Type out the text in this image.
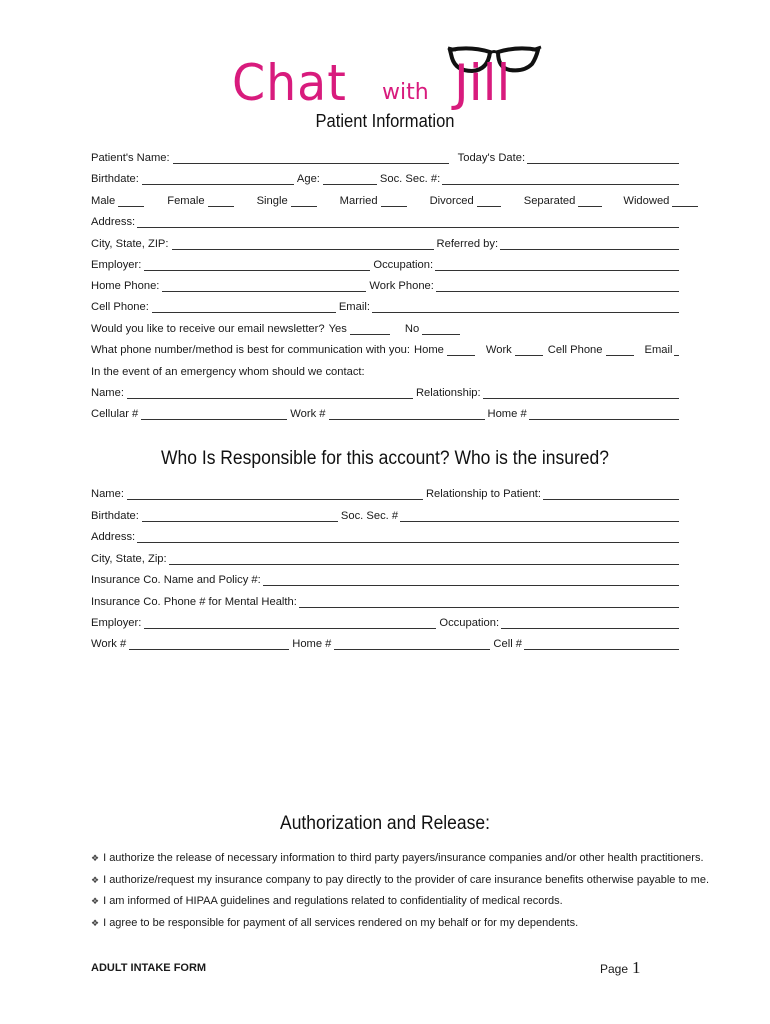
Chat with Jill
Patient Information
Patient's Name:	Today's Date:
Birthdate:	Age:	Soc. Sec. #:
Male	Female	Single	Married	Divorced	Separated	Widowed
Address:
City, State, ZIP:	Referred by:
Employer:	Occupation:
Home Phone:	Work Phone:
Cell Phone:	Email:
Would you like to receive our email newsletter? Yes	No
What phone number/method is best for communication with you: Home	Work	Cell Phone	Email
In the event of an emergency whom should we contact:
Name:	Relationship:
Cellular #	Work #	Home #
Who Is Responsible for this account? Who is the insured?
Name:	Relationship to Patient:
Birthdate:	Soc. Sec. #
Address:
City, State, Zip:
Insurance Co. Name and Policy #:
Insurance Co. Phone # for Mental Health:
Employer:	Occupation:
Work #	Home #	Cell #
Authorization and Release:
❖ I authorize the release of necessary information to third party payers/insurance companies and/or other health practitioners.
❖ I authorize/request my insurance company to pay directly to the provider of care insurance benefits otherwise payable to me.
❖ I am informed of HIPAA guidelines and regulations related to confidentiality of medical records.
❖ I agree to be responsible for payment of all services rendered on my behalf or for my dependents.
ADULT INTAKE FORM	Page 1
